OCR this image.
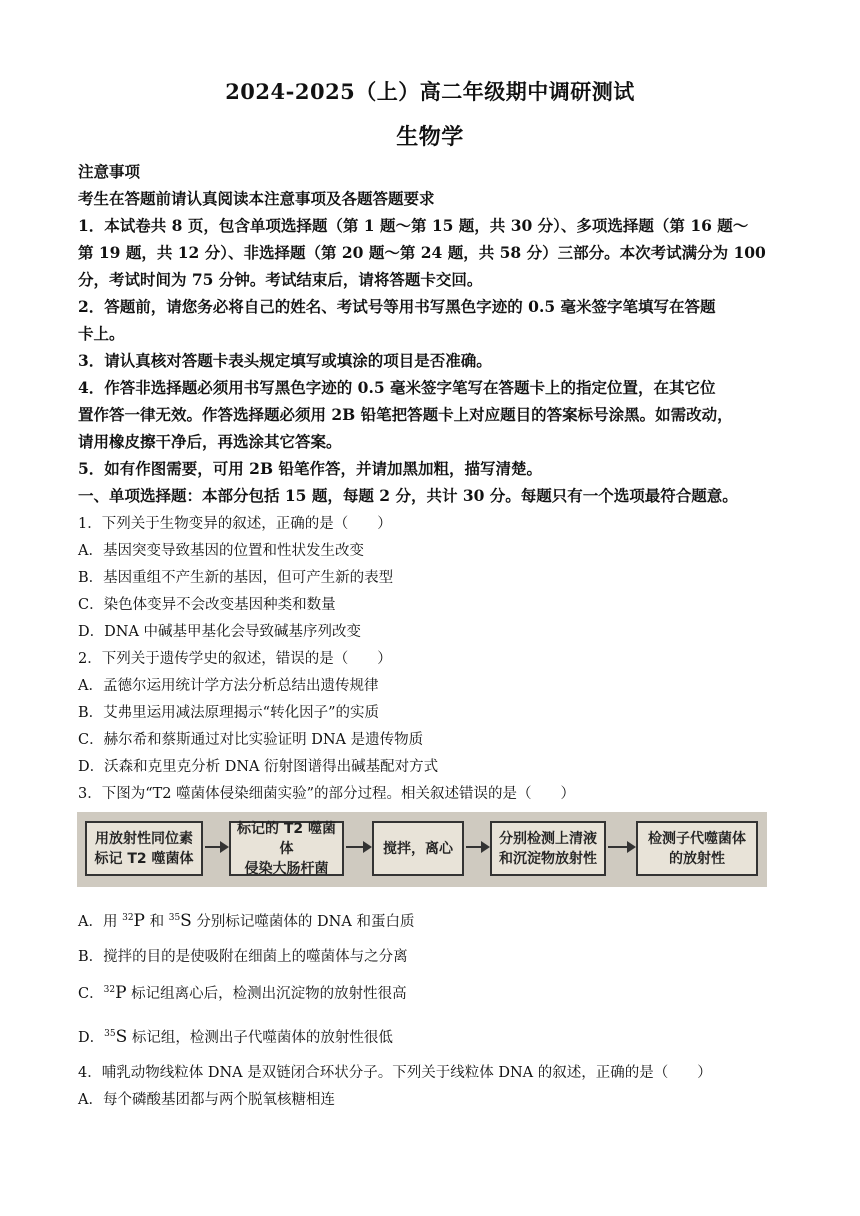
2024-2025（上）高二年级期中调研测试
生物学
注意事项
考生在答题前请认真阅读本注意事项及各题答题要求
1．本试卷共 8 页，包含单项选择题（第 1 题～第 15 题，共 30 分）、多项选择题（第 16 题～
第 19 题，共 12 分）、非选择题（第 20 题～第 24 题，共 58 分）三部分。本次考试满分为 100
分，考试时间为 75 分钟。考试结束后，请将答题卡交回。
2．答题前，请您务必将自己的姓名、考试号等用书写黑色字迹的 0.5 毫米签字笔填写在答题
卡上。
3．请认真核对答题卡表头规定填写或填涂的项目是否准确。
4．作答非选择题必须用书写黑色字迹的 0.5 毫米签字笔写在答题卡上的指定位置，在其它位
置作答一律无效。作答选择题必须用 2B 铅笔把答题卡上对应题目的答案标号涂黑。如需改动，
请用橡皮擦干净后，再选涂其它答案。
5．如有作图需要，可用 2B 铅笔作答，并请加黑加粗，描写清楚。
一、单项选择题：本部分包括 15 题，每题 2 分，共计 30 分。每题只有一个选项最符合题意。
1．下列关于生物变异的叙述，正确的是（　　）
A．基因突变导致基因的位置和性状发生改变
B．基因重组不产生新的基因，但可产生新的表型
C．染色体变异不会改变基因种类和数量
D．DNA 中碱基甲基化会导致碱基序列改变
2．下列关于遗传学史的叙述，错误的是（　　）
A．孟德尔运用统计学方法分析总结出遗传规律
B．艾弗里运用减法原理揭示“转化因子”的实质
C．赫尔希和蔡斯通过对比实验证明 DNA 是遗传物质
D．沃森和克里克分析 DNA 衍射图谱得出碱基配对方式
3．下图为“T2 噬菌体侵染细菌实验”的部分过程。相关叙述错误的是（　　）
用放射性同位素
标记 T2 噬菌体
标记的 T2 噬菌体
侵染大肠杆菌
搅拌，离心
分别检测上清液
和沉淀物放射性
检测子代噬菌体
的放射性
A．用 $^{32}$P 和 $^{35}$S 分别标记噬菌体的 DNA 和蛋白质
B．搅拌的目的是使吸附在细菌上的噬菌体与之分离
C．$^{32}$P 标记组离心后，检测出沉淀物的放射性很高
D．$^{35}$S 标记组，检测出子代噬菌体的放射性很低
4．哺乳动物线粒体 DNA 是双链闭合环状分子。下列关于线粒体 DNA 的叙述，正确的是（　　）
A．每个磷酸基团都与两个脱氧核糖相连
